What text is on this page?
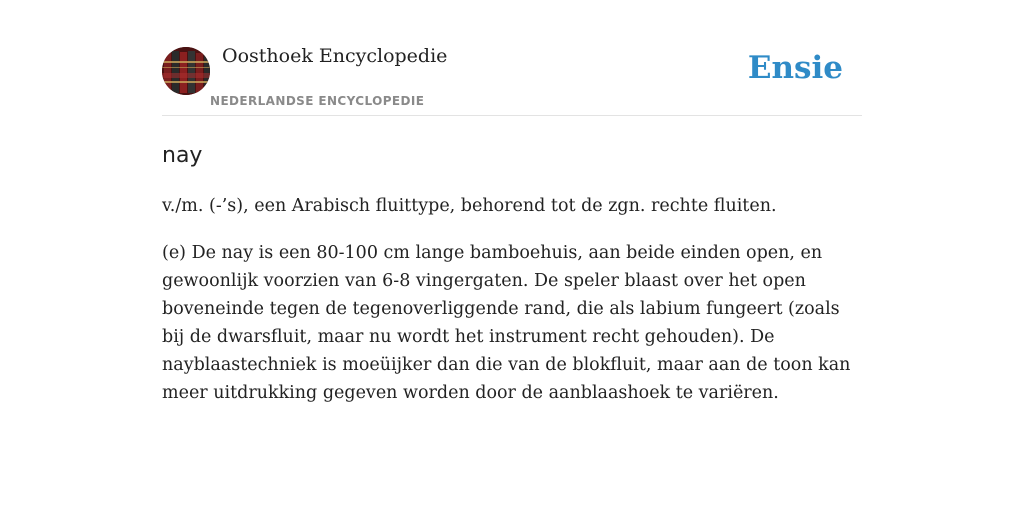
Oosthoek Encyclopedie
NEDERLANDSE ENCYCLOPEDIE
Ensie
nay

v./m. (-’s), een Arabisch fluittype, behorend tot de zgn. rechte fluiten.

(e) De nay is een 80-100 cm lange bamboehuis, aan beide einden open, en gewoonlijk voorzien van 6-8 vingergaten. De speler blaast over het open boveneinde tegen de tegenoverliggende rand, die als labium fungeert (zoals bij de dwarsfluit, maar nu wordt het instrument recht gehouden). De nayblaastechniek is moeüijker dan die van de blokfluit, maar aan de toon kan meer uitdrukking gegeven worden door de aanblaashoek te variëren.
